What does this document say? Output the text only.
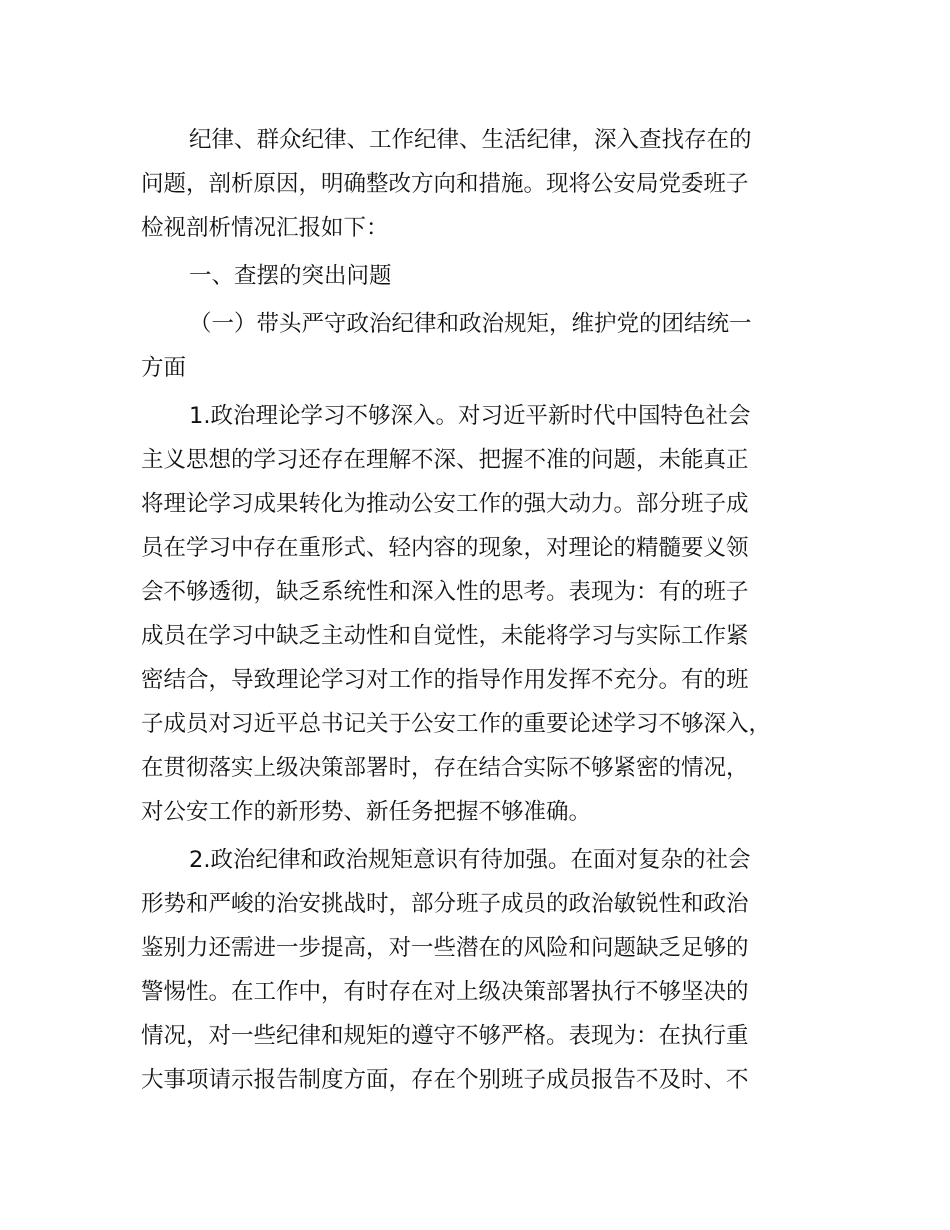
纪律、群众纪律、工作纪律、生活纪律，深入查找存在的
问题，剖析原因，明确整改方向和措施。现将公安局党委班子
检视剖析情况汇报如下：

一、查摆的突出问题

（一）带头严守政治纪律和政治规矩，维护党的团结统一
方面

1.政治理论学习不够深入。对习近平新时代中国特色社会
主义思想的学习还存在理解不深、把握不准的问题，未能真正
将理论学习成果转化为推动公安工作的强大动力。部分班子成
员在学习中存在重形式、轻内容的现象，对理论的精髓要义领
会不够透彻，缺乏系统性和深入性的思考。表现为：有的班子
成员在学习中缺乏主动性和自觉性，未能将学习与实际工作紧
密结合，导致理论学习对工作的指导作用发挥不充分。有的班
子成员对习近平总书记关于公安工作的重要论述学习不够深入，
在贯彻落实上级决策部署时，存在结合实际不够紧密的情况，
对公安工作的新形势、新任务把握不够准确。

2.政治纪律和政治规矩意识有待加强。在面对复杂的社会
形势和严峻的治安挑战时，部分班子成员的政治敏锐性和政治
鉴别力还需进一步提高，对一些潜在的风险和问题缺乏足够的
警惕性。在工作中，有时存在对上级决策部署执行不够坚决的
情况，对一些纪律和规矩的遵守不够严格。表现为：在执行重
大事项请示报告制度方面，存在个别班子成员报告不及时、不
